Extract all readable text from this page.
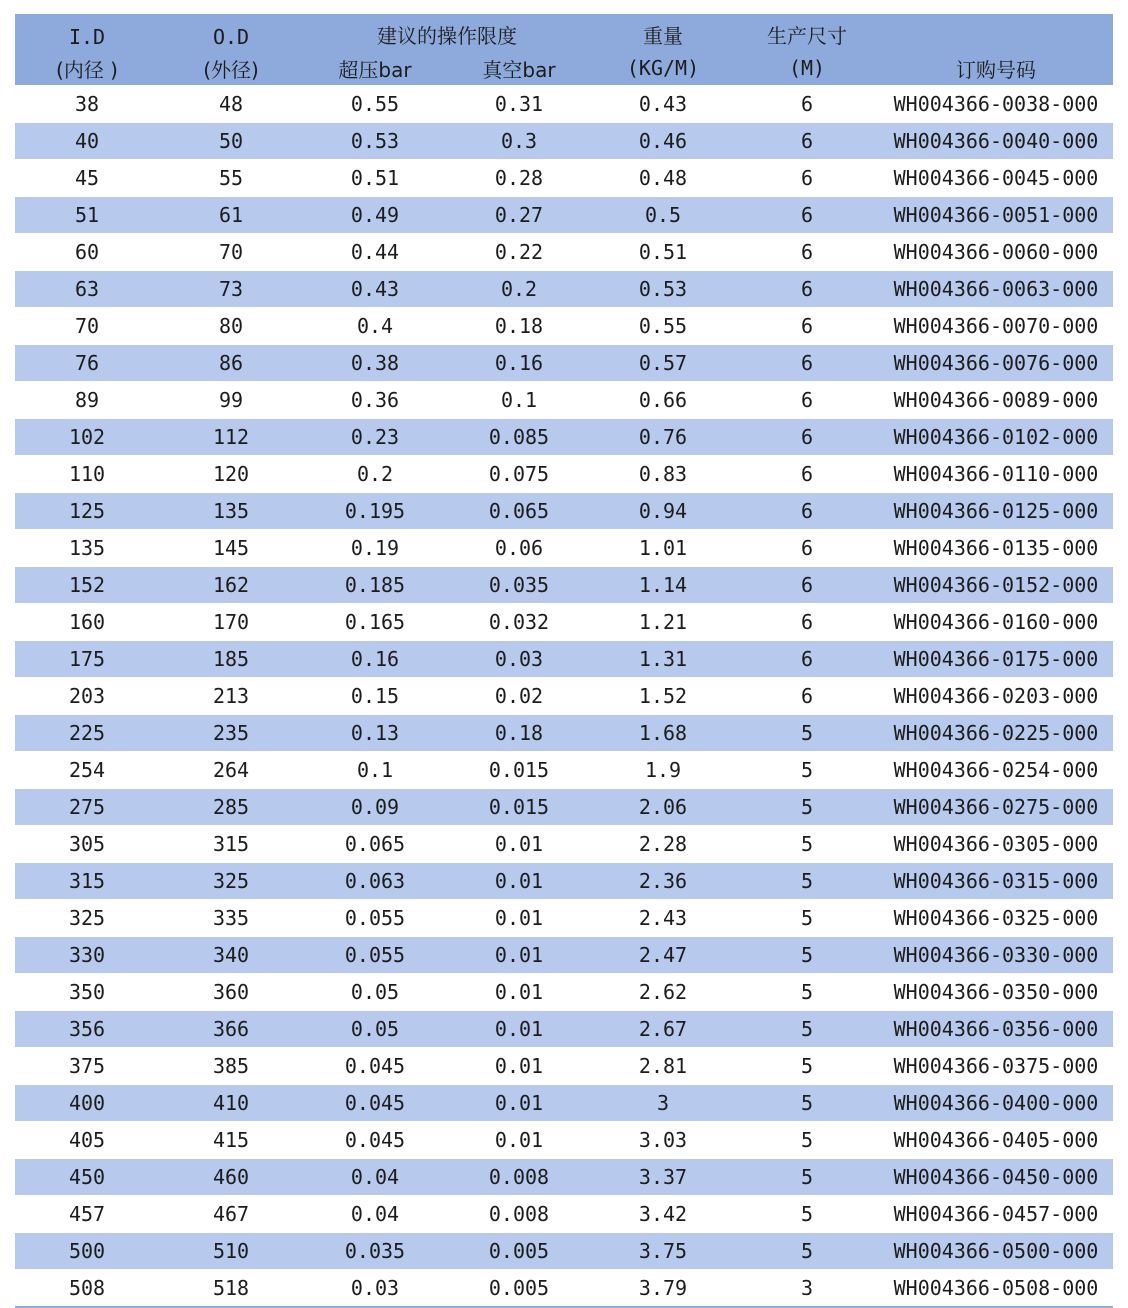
I.D	O.D	建议的操作限度		重量	生产尺寸	订购号码
(内径 )	(外径)	超压bar	真空bar	(KG/M)	(M)	
38	48	0.55	0.31	0.43	6	WH004366-0038-000
40	50	0.53	0.3	0.46	6	WH004366-0040-000
45	55	0.51	0.28	0.48	6	WH004366-0045-000
51	61	0.49	0.27	0.5	6	WH004366-0051-000
60	70	0.44	0.22	0.51	6	WH004366-0060-000
63	73	0.43	0.2	0.53	6	WH004366-0063-000
70	80	0.4	0.18	0.55	6	WH004366-0070-000
76	86	0.38	0.16	0.57	6	WH004366-0076-000
89	99	0.36	0.1	0.66	6	WH004366-0089-000
102	112	0.23	0.085	0.76	6	WH004366-0102-000
110	120	0.2	0.075	0.83	6	WH004366-0110-000
125	135	0.195	0.065	0.94	6	WH004366-0125-000
135	145	0.19	0.06	1.01	6	WH004366-0135-000
152	162	0.185	0.035	1.14	6	WH004366-0152-000
160	170	0.165	0.032	1.21	6	WH004366-0160-000
175	185	0.16	0.03	1.31	6	WH004366-0175-000
203	213	0.15	0.02	1.52	6	WH004366-0203-000
225	235	0.13	0.18	1.68	5	WH004366-0225-000
254	264	0.1	0.015	1.9	5	WH004366-0254-000
275	285	0.09	0.015	2.06	5	WH004366-0275-000
305	315	0.065	0.01	2.28	5	WH004366-0305-000
315	325	0.063	0.01	2.36	5	WH004366-0315-000
325	335	0.055	0.01	2.43	5	WH004366-0325-000
330	340	0.055	0.01	2.47	5	WH004366-0330-000
350	360	0.05	0.01	2.62	5	WH004366-0350-000
356	366	0.05	0.01	2.67	5	WH004366-0356-000
375	385	0.045	0.01	2.81	5	WH004366-0375-000
400	410	0.045	0.01	3	5	WH004366-0400-000
405	415	0.045	0.01	3.03	5	WH004366-0405-000
450	460	0.04	0.008	3.37	5	WH004366-0450-000
457	467	0.04	0.008	3.42	5	WH004366-0457-000
500	510	0.035	0.005	3.75	5	WH004366-0500-000
508	518	0.03	0.005	3.79	3	WH004366-0508-000
